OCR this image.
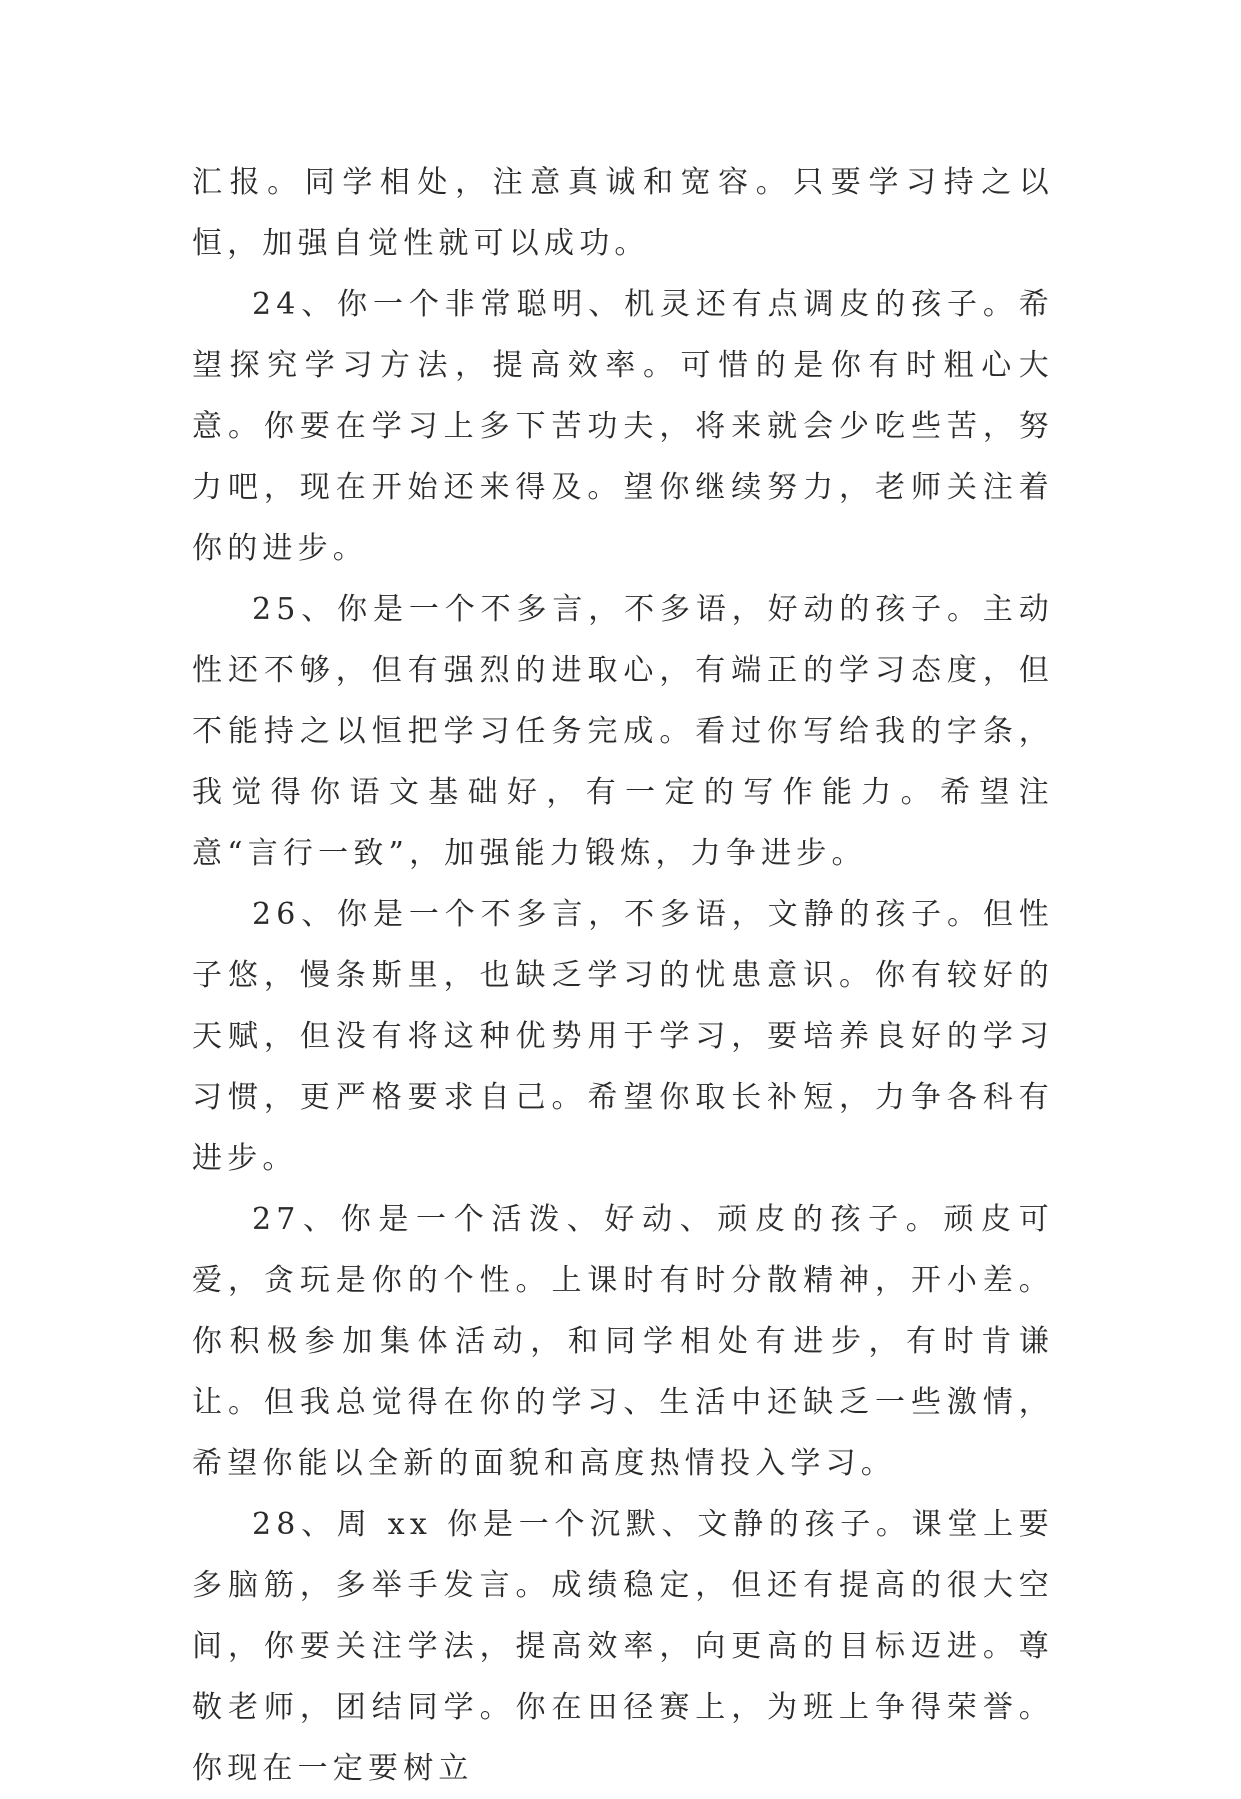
汇报。同学相处，注意真诚和宽容。只要学习持之以恒，加强自觉性就可以成功。

24、你一个非常聪明、机灵还有点调皮的孩子。希望探究学习方法，提高效率。可惜的是你有时粗心大意。你要在学习上多下苦功夫，将来就会少吃些苦，努力吧，现在开始还来得及。望你继续努力，老师关注着你的进步。

25、你是一个不多言，不多语，好动的孩子。主动性还不够，但有强烈的进取心，有端正的学习态度，但不能持之以恒把学习任务完成。看过你写给我的字条，我觉得你语文基础好，有一定的写作能力。希望注意“言行一致”，加强能力锻炼，力争进步。

26、你是一个不多言，不多语，文静的孩子。但性子悠，慢条斯里，也缺乏学习的忧患意识。你有较好的天赋，但没有将这种优势用于学习，要培养良好的学习习惯，更严格要求自己。希望你取长补短，力争各科有进步。

27、你是一个活泼、好动、顽皮的孩子。顽皮可爱，贪玩是你的个性。上课时有时分散精神，开小差。你积极参加集体活动，和同学相处有进步，有时肯谦让。但我总觉得在你的学习、生活中还缺乏一些激情，希望你能以全新的面貌和高度热情投入学习。

28、周 xx 你是一个沉默、文静的孩子。课堂上要多脑筋，多举手发言。成绩稳定，但还有提高的很大空间，你要关注学法，提高效率，向更高的目标迈进。尊敬老师，团结同学。你在田径赛上，为班上争得荣誉。你现在一定要树立
